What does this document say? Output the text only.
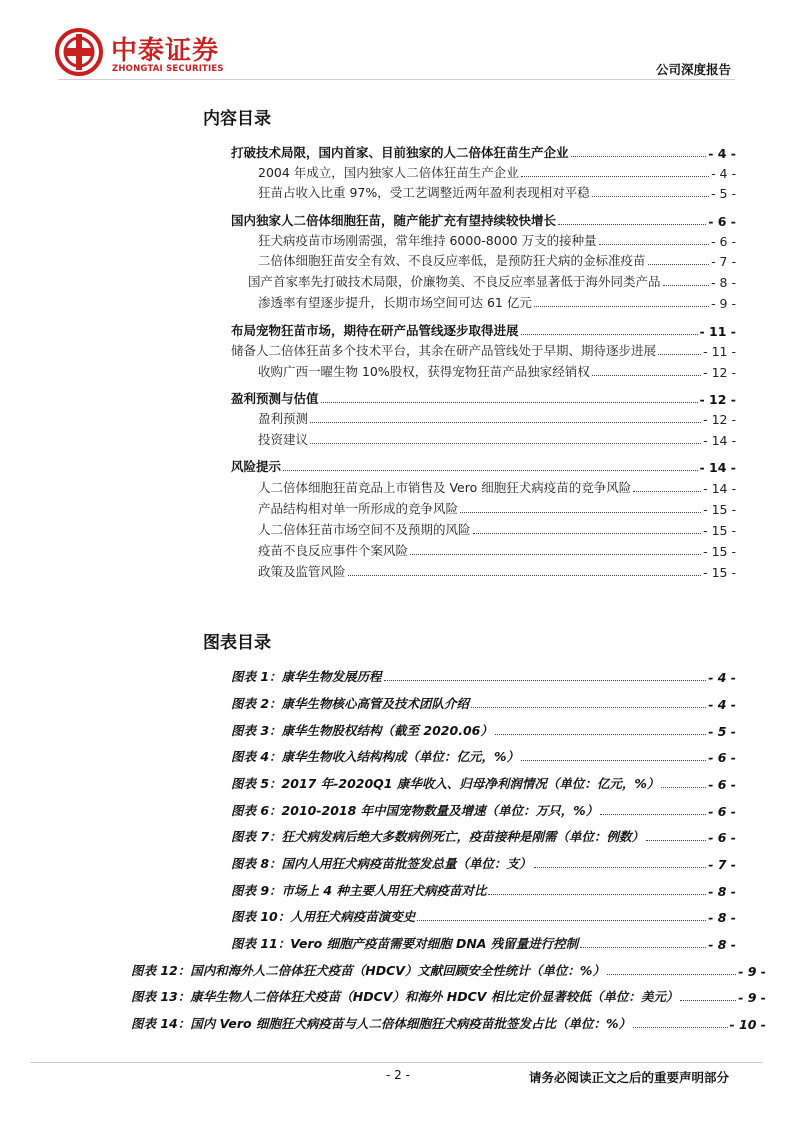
中泰证券
ZHONGTAI SECURITIES	公司深度报告
内容目录
打破技术局限，国内首家、目前独家的人二倍体狂苗生产企业	- 4 -
2004 年成立，国内独家人二倍体狂苗生产企业	- 4 -
狂苗占收入比重 97%，受工艺调整近两年盈利表现相对平稳	- 5 -
国内独家人二倍体细胞狂苗，随产能扩充有望持续较快增长	- 6 -
狂犬病疫苗市场刚需强，常年维持 6000-8000 万支的接种量	- 6 -
二倍体细胞狂苗安全有效、不良反应率低，是预防狂犬病的金标准疫苗	- 7 -
国产首家率先打破技术局限，价廉物美、不良反应率显著低于海外同类产品	- 8 -
渗透率有望逐步提升，长期市场空间可达 61 亿元	- 9 -
布局宠物狂苗市场，期待在研产品管线逐步取得进展	- 11 -
储备人二倍体狂苗多个技术平台，其余在研产品管线处于早期、期待逐步进展	- 11 -
收购广西一曜生物 10%股权，获得宠物狂苗产品独家经销权	- 12 -
盈利预测与估值	- 12 -
盈利预测	- 12 -
投资建议	- 14 -
风险提示	- 14 -
人二倍体细胞狂苗竞品上市销售及 Vero 细胞狂犬病疫苗的竞争风险	- 14 -
产品结构相对单一所形成的竞争风险	- 15 -
人二倍体狂苗市场空间不及预期的风险	- 15 -
疫苗不良反应事件个案风险	- 15 -
政策及监管风险	- 15 -
图表目录
图表 1：康华生物发展历程	- 4 -
图表 2：康华生物核心高管及技术团队介绍	- 4 -
图表 3：康华生物股权结构（截至 2020.06）	- 5 -
图表 4：康华生物收入结构构成（单位：亿元，%）	- 6 -
图表 5：2017 年-2020Q1 康华收入、归母净利润情况（单位：亿元，%）	- 6 -
图表 6：2010-2018 年中国宠物数量及增速（单位：万只，%）	- 6 -
图表 7：狂犬病发病后绝大多数病例死亡，疫苗接种是刚需（单位：例数）	- 6 -
图表 8：国内人用狂犬病疫苗批签发总量（单位：支）	- 7 -
图表 9：市场上 4 种主要人用狂犬病疫苗对比	- 8 -
图表 10：人用狂犬病疫苗演变史	- 8 -
图表 11：Vero 细胞产疫苗需要对细胞 DNA 残留量进行控制	- 8 -
图表 12：国内和海外人二倍体狂犬疫苗（HDCV）文献回顾安全性统计（单位：%）	- 9 -
图表 13：康华生物人二倍体狂犬疫苗（HDCV）和海外 HDCV 相比定价显著较低（单位：美元）	- 9 -
图表 14：国内 Vero 细胞狂犬病疫苗与人二倍体细胞狂犬病疫苗批签发占比（单位：%）	- 10 -
- 2 -	请务必阅读正文之后的重要声明部分
